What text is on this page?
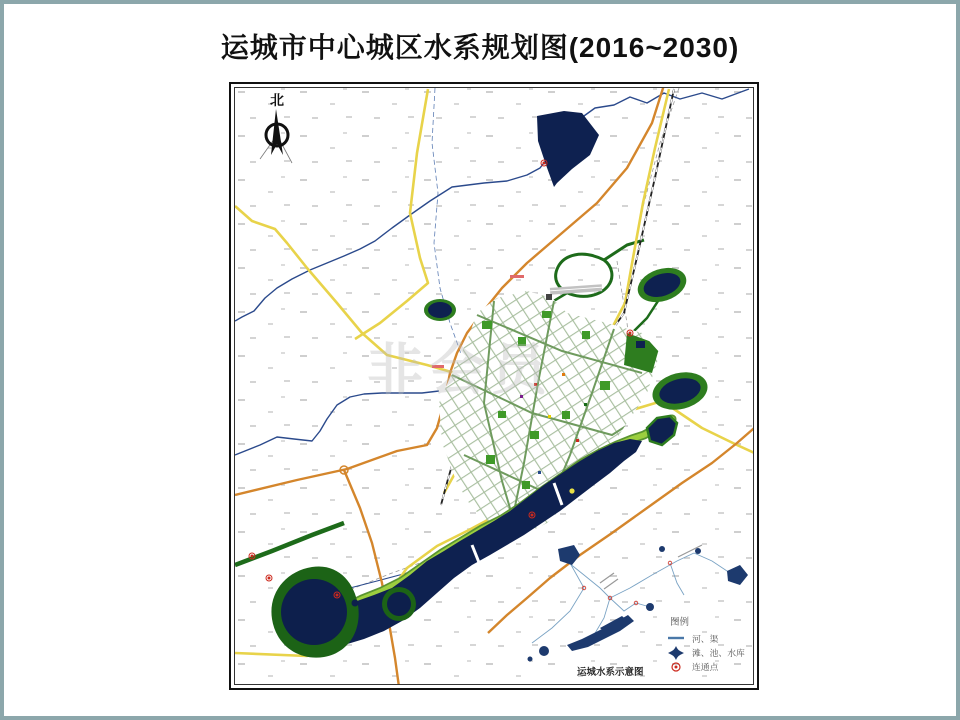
运城市中心城区水系规划图(2016~2030)
北
运城水系示意图
图例
河、渠
滩、池、水库
连通点
非会员
